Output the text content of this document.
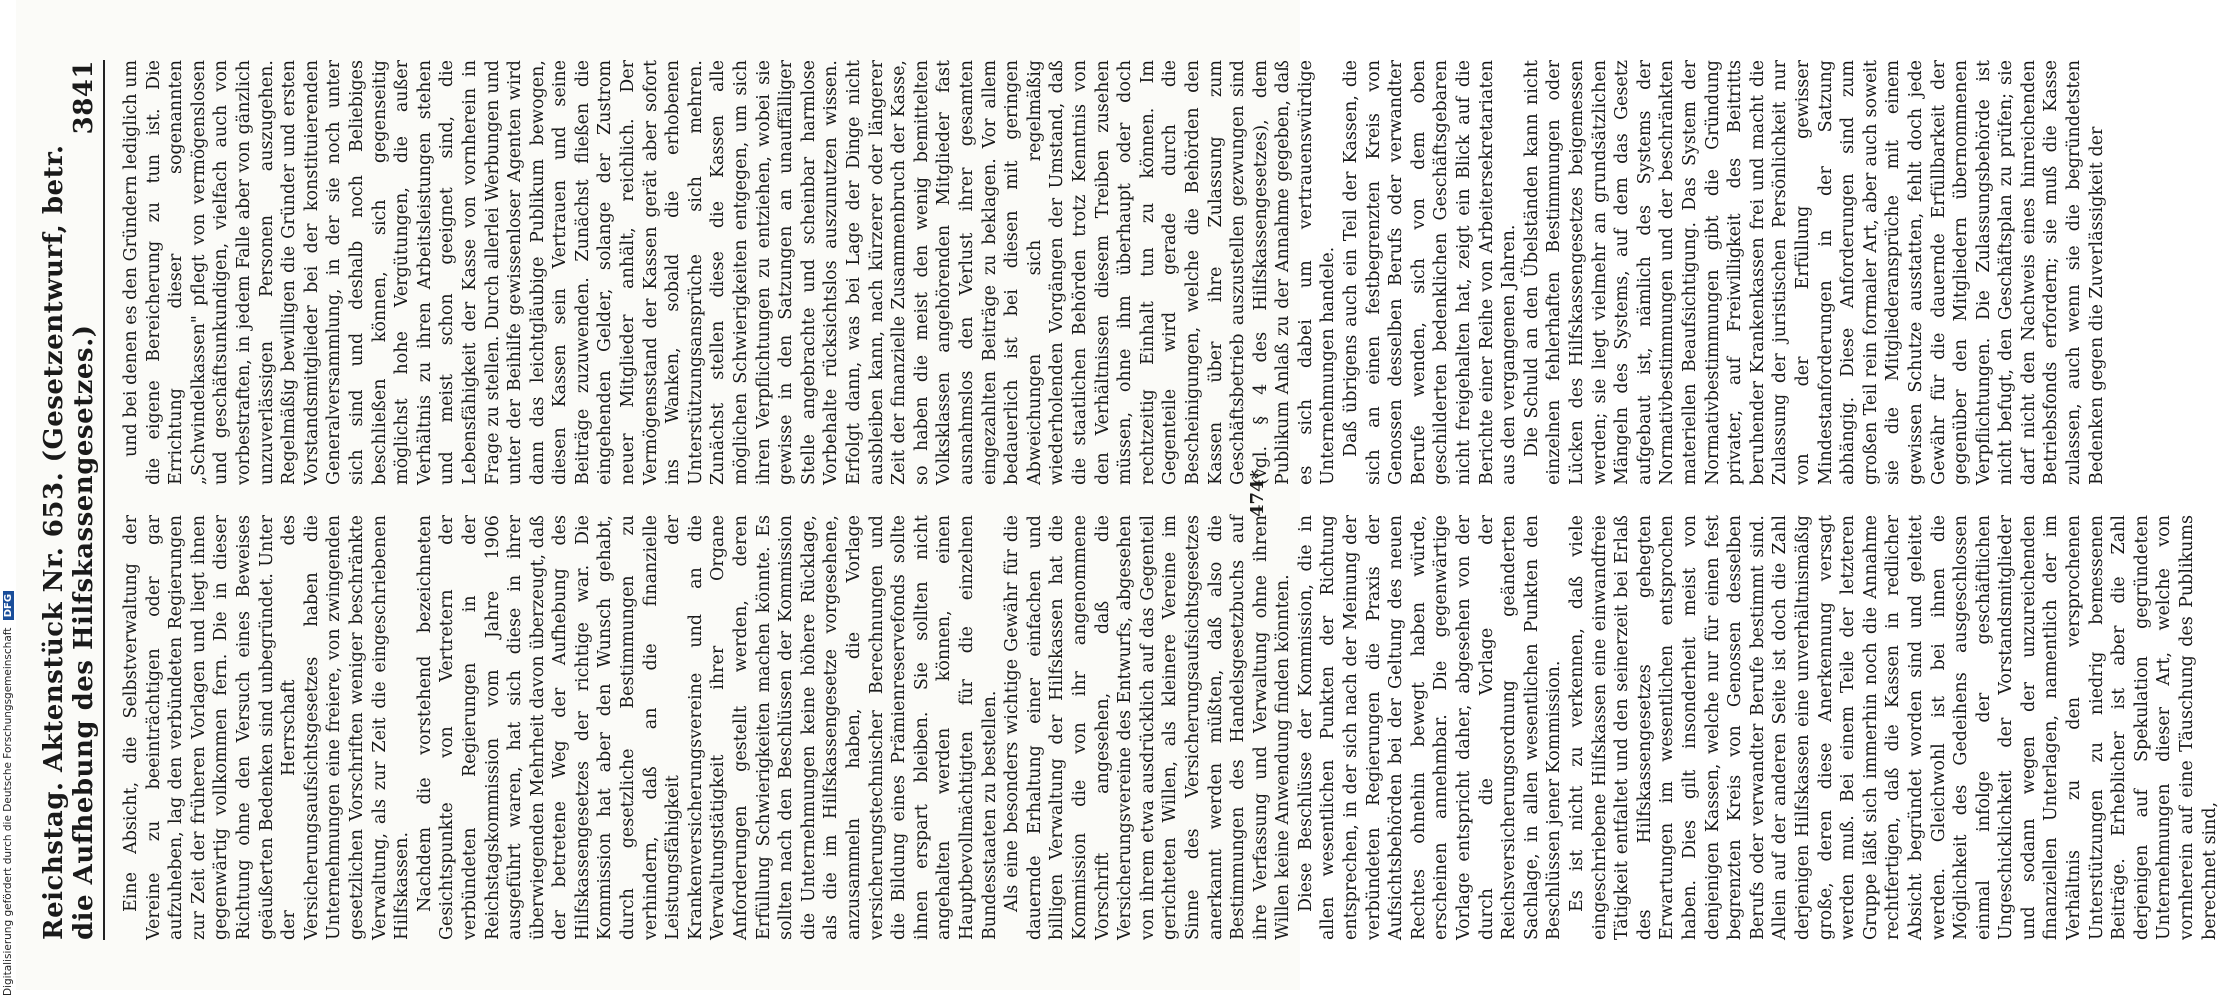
Reichstag. Aktenstück Nr. 653. (Gesetzentwurf, betr. die Aufhebung des Hilfskassengesetzes.)
3841

Eine Absicht, die Selbstverwaltung der Vereine zu beeinträchtigen oder gar aufzuheben, lag den verbündeten Regierungen zur Zeit der früheren Vorlagen und liegt ihnen gegenwärtig vollkommen fern. Die in dieser Richtung ohne den Versuch eines Beweises geäußerten Bedenken sind unbegründet. Unter der Herrschaft des Versicherungsaufsichtsgesetzes haben die Unternehmungen eine freiere, von zwingenden gesetzlichen Vorschriften weniger beschränkte Verwaltung, als zur Zeit die eingeschriebenen Hilfskassen. Nachdem die vorstehend bezeichneten Gesichtspunkte von Vertretern der verbündeten Regierungen in der Reichstagskommission vom Jahre 1906 ausgeführt waren, hat sich diese in ihrer überwiegenden Mehrheit davon überzeugt, daß der betretene Weg der Aufhebung des Hilfskassengesetzes der richtige war. Die Kommission hat aber den Wunsch gehabt, durch gesetzliche Bestimmungen zu verhindern, daß an die finanzielle Leistungsfähigkeit der Krankenversicherungsvereine und an die Verwaltungstätigkeit ihrer Organe Anforderungen gestellt werden, deren Erfüllung Schwierigkeiten machen könnte. Es sollten nach den Beschlüssen der Kommission die Unternehmungen keine höhere Rücklage, als die im Hilfskassengesetze vorgesehene, anzusammeln haben, die Vorlage versicherungstechnischer Berechnungen und die Bildung eines Prämienreservefonds sollte ihnen erspart bleiben. Sie sollten nicht angehalten werden können, einen Hauptbevollmächtigten für die einzelnen Bundesstaaten zu bestellen. Als eine besonders wichtige Gewähr für die dauernde Erhaltung einer einfachen und billigen Verwaltung der Hilfskassen hat die Kommission die von ihr angenommene Vorschrift angesehen, daß die Versicherungsvereine des Entwurfs, abgesehen von ihrem etwa ausdrücklich auf das Gegenteil gerichteten Willen, als kleinere Vereine im Sinne des Versicherungsaufsichtsgesetzes anerkannt werden müßten, daß also die Bestimmungen des Handelsgesetzbuchs auf ihre Verfassung und Verwaltung ohne ihren Willen keine Anwendung finden könnten. Diese Beschlüsse der Kommission, die in allen wesentlichen Punkten der Richtung entsprechen, in der sich nach der Meinung der verbündeten Regierungen die Praxis der Aufsichtsbehörden bei der Geltung des neuen Rechtes ohnehin bewegt haben würde, erscheinen annehmbar. Die gegenwärtige Vorlage entspricht daher, abgesehen von der durch die Vorlage der Reichsversicherungsordnung geänderten Sachlage, in allen wesentlichen Punkten den Beschlüssen jener Kommission. Es ist nicht zu verkennen, daß viele eingeschriebene Hilfskassen eine einwandfreie Tätigkeit entfaltet und den seinerzeit bei Erlaß des Hilfskassengesetzes gehegten Erwartungen im wesentlichen entsprochen haben. Dies gilt insonderheit meist von denjenigen Kassen, welche nur für einen fest begrenzten Kreis von Genossen desselben Berufs oder verwandter Berufe bestimmt sind. Allein auf der anderen Seite ist doch die Zahl derjenigen Hilfskassen eine unverhältnismäßig große, deren diese Anerkennung versagt werden muß. Bei einem Teile der letzteren Gruppe läßt sich immerhin noch die Annahme rechtfertigen, daß die Kassen in redlicher Absicht begründet worden sind und geleitet werden. Gleichwohl ist bei ihnen die Möglichkeit des Gedeihens ausgeschlossen einmal infolge der geschäftlichen Ungeschicklichkeit der Vorstandsmitglieder und sodann wegen der unzureichenden finanziellen Unterlagen, namentlich der im Verhältnis zu den versprochenen Unterstützungen zu niedrig bemessenen Beiträge. Erheblicher ist aber die Zahl derjenigen auf Spekulation gegründeten Unternehmungen dieser Art, welche von vornherein auf eine Täuschung des Publikums berechnet sind,

und bei denen es den Gründern lediglich um die eigene Bereicherung zu tun ist. Die Errichtung dieser sogenannten „Schwindelkassen" pflegt von vermögenslosen und geschäftsunkundigen, vielfach auch von vorbestraften, in jedem Falle aber von gänzlich unzuverlässigen Personen auszugehen. Regelmäßig bewilligen die Gründer und ersten Vorstandsmitglieder bei der konstituierenden Generalversammlung, in der sie noch unter sich sind und deshalb noch Beliebiges beschließen können, sich gegenseitig möglichst hohe Vergütungen, die außer Verhältnis zu ihren Arbeitsleistungen stehen und meist schon geeignet sind, die Lebensfähigkeit der Kasse von vornherein in Frage zu stellen. Durch allerlei Werbungen und unter der Beihilfe gewissenloser Agenten wird dann das leichtgläubige Publikum bewogen, diesen Kassen sein Vertrauen und seine Beiträge zuzuwenden. Zunächst fließen die eingehenden Gelder, solange der Zustrom neuer Mitglieder anhält, reichlich. Der Vermögensstand der Kassen gerät aber sofort ins Wanken, sobald die erhobenen Unterstützungsansprüche sich mehren. Zunächst stellen diese die Kassen alle möglichen Schwierigkeiten entgegen, um sich ihren Verpflichtungen zu entziehen, wobei sie gewisse in den Satzungen an unauffälliger Stelle angebrachte und scheinbar harmlose Vorbehalte rücksichtslos auszunutzen wissen. Erfolgt dann, was bei Lage der Dinge nicht ausbleiben kann, nach kürzerer oder längerer Zeit der finanzielle Zusammenbruch der Kasse, so haben die meist den wenig bemittelten Volksklassen angehörenden Mitglieder fast ausnahmslos den Verlust ihrer gesamten eingezahlten Beiträge zu beklagen. Vor allem bedauerlich ist bei diesen mit geringen Abweichungen sich regelmäßig wiederholenden Vorgängen der Umstand, daß die staatlichen Behörden trotz Kenntnis von den Verhältnissen diesem Treiben zusehen müssen, ohne ihm überhaupt oder doch rechtzeitig Einhalt tun zu können. Im Gegenteile wird gerade durch die Bescheinigungen, welche die Behörden den Kassen über ihre Zulassung zum Geschäftsbetrieb auszustellen gezwungen sind (vgl. § 4 des Hilfskassengesetzes), dem Publikum Anlaß zu der Annahme gegeben, daß es sich dabei um vertrauenswürdige Unternehmungen handele. Daß übrigens auch ein Teil der Kassen, die sich an einen festbegrenzten Kreis von Genossen desselben Berufs oder verwandter Berufe wenden, sich von dem oben geschilderten bedenklichen Geschäftsgebaren nicht freigehalten hat, zeigt ein Blick auf die Berichte einer Reihe von Arbeitersekretariaten aus den vergangenen Jahren. Die Schuld an den Übelständen kann nicht einzelnen fehlerhaften Bestimmungen oder Lücken des Hilfskassengesetzes beigemessen werden; sie liegt vielmehr an grundsätzlichen Mängeln des Systems, auf dem das Gesetz aufgebaut ist, nämlich des Systems der Normativbestimmungen und der beschränkten materiellen Beaufsichtigung. Das System der Normativbestimmungen gibt die Gründung privater, auf Freiwilligkeit des Beitritts beruhender Krankenkassen frei und macht die Zulassung der juristischen Persönlichkeit nur von der Erfüllung gewisser Mindestanforderungen in der Satzung abhängig. Diese Anforderungen sind zum großen Teil rein formaler Art, aber auch soweit sie die Mitgliederansprüche mit einem gewissen Schutze ausstatten, fehlt doch jede Gewähr für die dauernde Erfüllbarkeit der gegenüber den Mitgliedern übernommenen Verpflichtungen. Die Zulassungsbehörde ist nicht befugt, den Geschäftsplan zu prüfen; sie darf nicht den Nachweis eines hinreichenden Betriebsfonds erfordern; sie muß die Kasse zulassen, auch wenn sie die begründetsten Bedenken gegen die Zuverlässigkeit der

474*
Digitalisierung gefördert durch die Deutsche Forschungsgemeinschaft DFG
